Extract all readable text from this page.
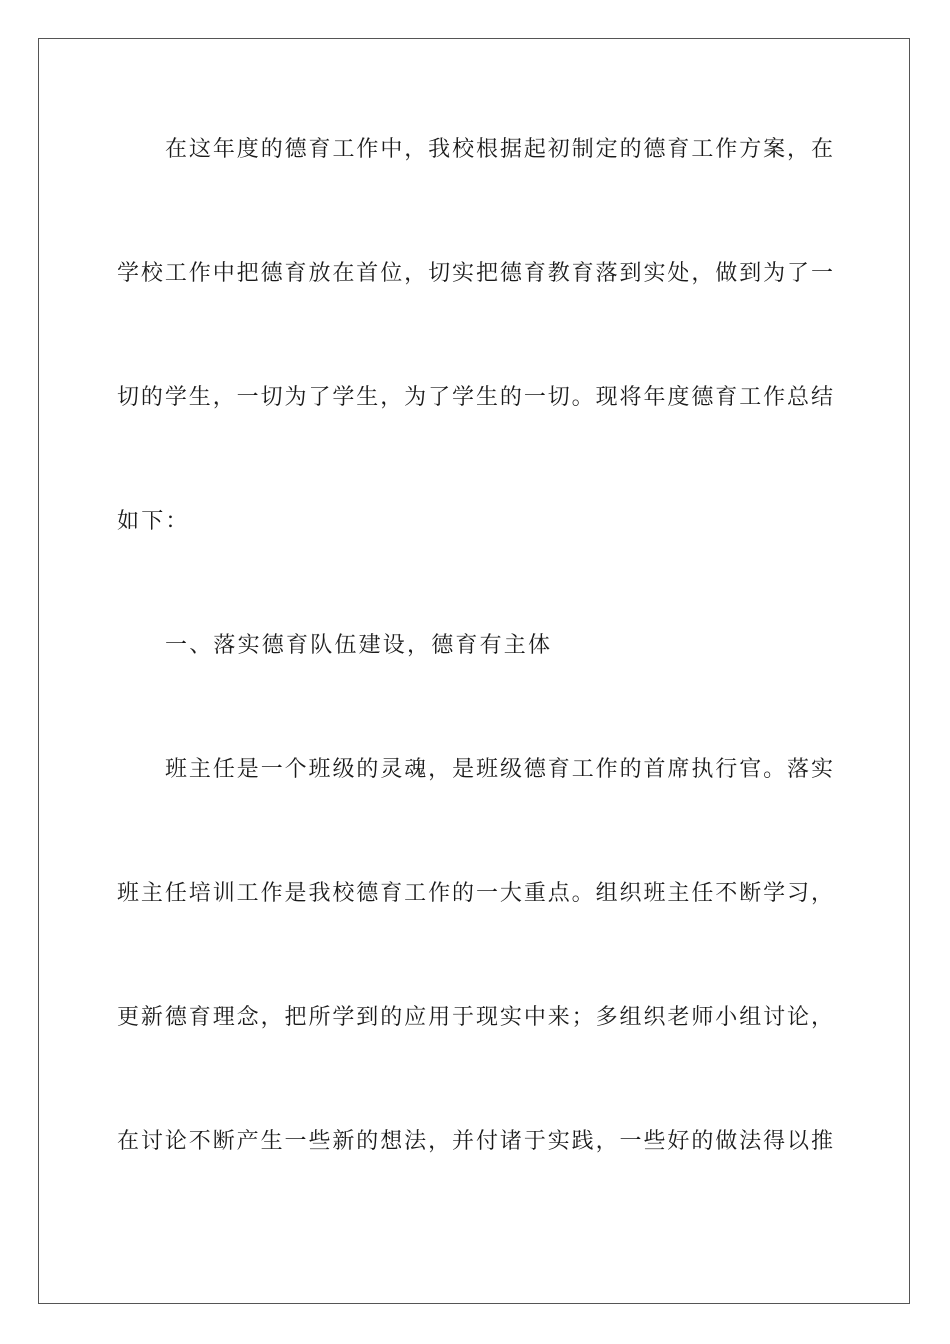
在这年度的德育工作中，我校根据起初制定的德育工作方案，在
学校工作中把德育放在首位，切实把德育教育落到实处，做到为了一
切的学生，一切为了学生，为了学生的一切。现将年度德育工作总结
如下：
一、落实德育队伍建设，德育有主体
班主任是一个班级的灵魂，是班级德育工作的首席执行官。落实
班主任培训工作是我校德育工作的一大重点。组织班主任不断学习，
更新德育理念，把所学到的应用于现实中来；多组织老师小组讨论，
在讨论不断产生一些新的想法，并付诸于实践，一些好的做法得以推
